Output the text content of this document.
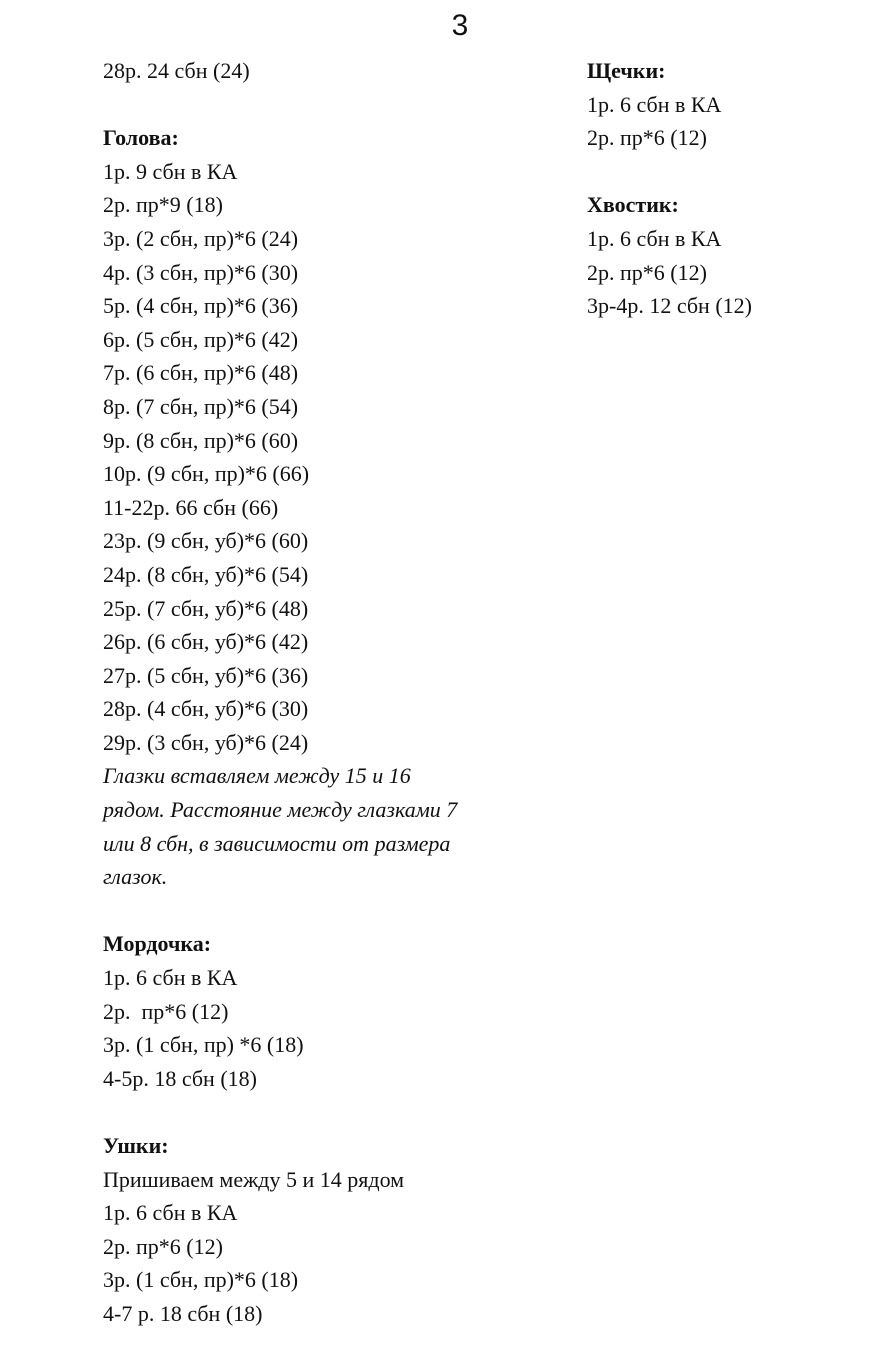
3
28р. 24 сбн (24)
Голова:
1р. 9 сбн в КА
2р. пр*9 (18)
3р. (2 сбн, пр)*6 (24)
4р. (3 сбн, пр)*6 (30)
5р. (4 сбн, пр)*6 (36)
6р. (5 сбн, пр)*6 (42)
7р. (6 сбн, пр)*6 (48)
8р. (7 сбн, пр)*6 (54)
9р. (8 сбн, пр)*6 (60)
10р. (9 сбн, пр)*6 (66)
11-22р. 66 сбн (66)
23р. (9 сбн, уб)*6 (60)
24р. (8 сбн, уб)*6 (54)
25р. (7 сбн, уб)*6 (48)
26р. (6 сбн, уб)*6 (42)
27р. (5 сбн, уб)*6 (36)
28р. (4 сбн, уб)*6 (30)
29р. (3 сбн, уб)*6 (24)
Глазки вставляем между 15 и 16
рядом. Расстояние между глазками 7
или 8 сбн, в зависимости от размера
глазок.
Мордочка:
1р. 6 сбн в КА
2р.  пр*6 (12)
3р. (1 сбн, пр) *6 (18)
4-5р. 18 сбн (18)
Ушки:
Пришиваем между 5 и 14 рядом
1р. 6 сбн в КА
2р. пр*6 (12)
3р. (1 сбн, пр)*6 (18)
4-7 р. 18 сбн (18)
Щечки:
1р. 6 сбн в КА
2р. пр*6 (12)
Хвостик:
1р. 6 сбн в КА
2р. пр*6 (12)
3р-4р. 12 сбн (12)
